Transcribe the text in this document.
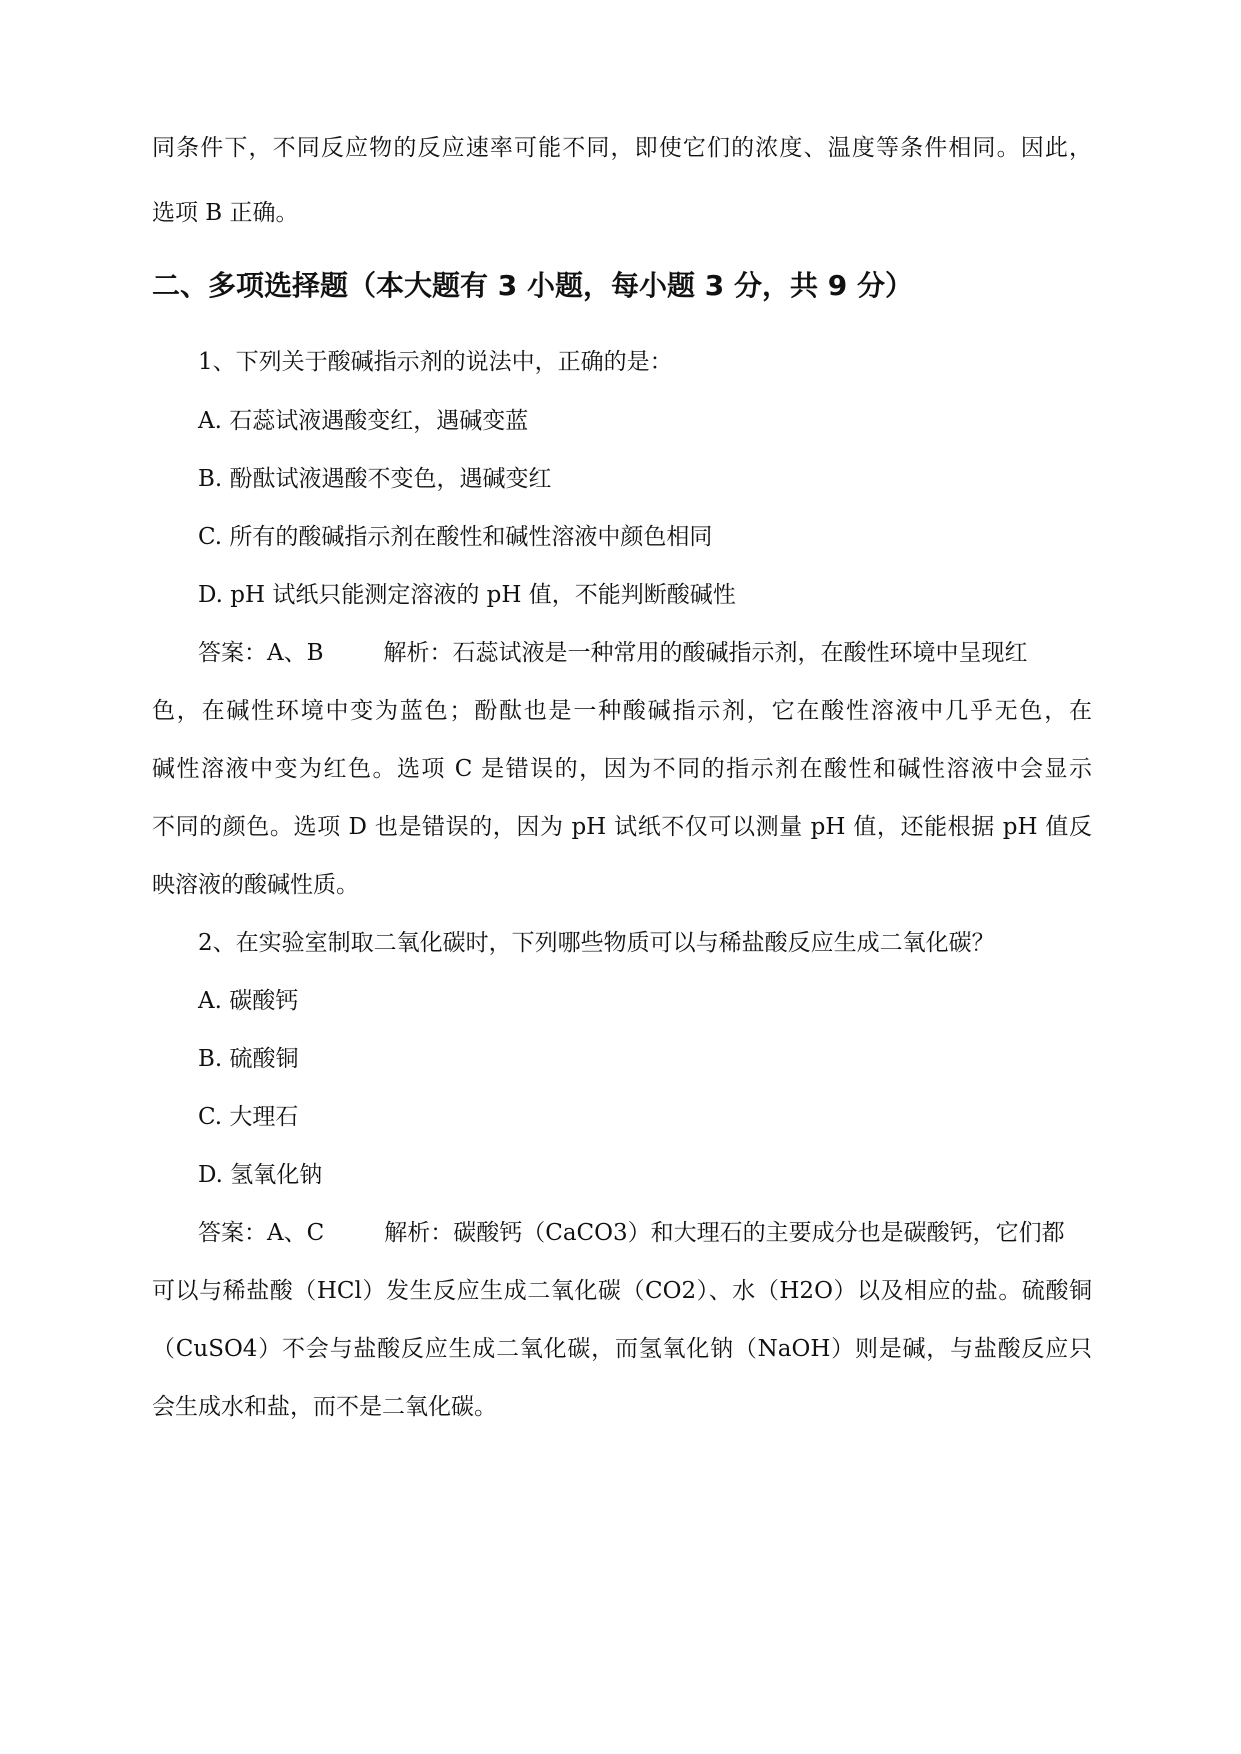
同条件下，不同反应物的反应速率可能不同，即使它们的浓度、温度等条件相同。因此，
选项 B 正确。
二、多项选择题（本大题有 3 小题，每小题 3 分，共 9 分）
1、下列关于酸碱指示剂的说法中，正确的是：
A. 石蕊试液遇酸变红，遇碱变蓝
B. 酚酞试液遇酸不变色，遇碱变红
C. 所有的酸碱指示剂在酸性和碱性溶液中颜色相同
D. pH 试纸只能测定溶液的 pH 值，不能判断酸碱性
答案：A、B	解析：石蕊试液是一种常用的酸碱指示剂，在酸性环境中呈现红
色，在碱性环境中变为蓝色；酚酞也是一种酸碱指示剂，它在酸性溶液中几乎无色，在
碱性溶液中变为红色。选项 C 是错误的，因为不同的指示剂在酸性和碱性溶液中会显示
不同的颜色。选项 D 也是错误的，因为 pH 试纸不仅可以测量 pH 值，还能根据 pH 值反
映溶液的酸碱性质。
2、在实验室制取二氧化碳时，下列哪些物质可以与稀盐酸反应生成二氧化碳？
A. 碳酸钙
B. 硫酸铜
C. 大理石
D. 氢氧化钠
答案：A、C	解析：碳酸钙（CaCO3）和大理石的主要成分也是碳酸钙，它们都
可以与稀盐酸（HCl）发生反应生成二氧化碳（CO2）、水（H2O）以及相应的盐。硫酸铜
（CuSO4）不会与盐酸反应生成二氧化碳，而氢氧化钠（NaOH）则是碱，与盐酸反应只
会生成水和盐，而不是二氧化碳。
